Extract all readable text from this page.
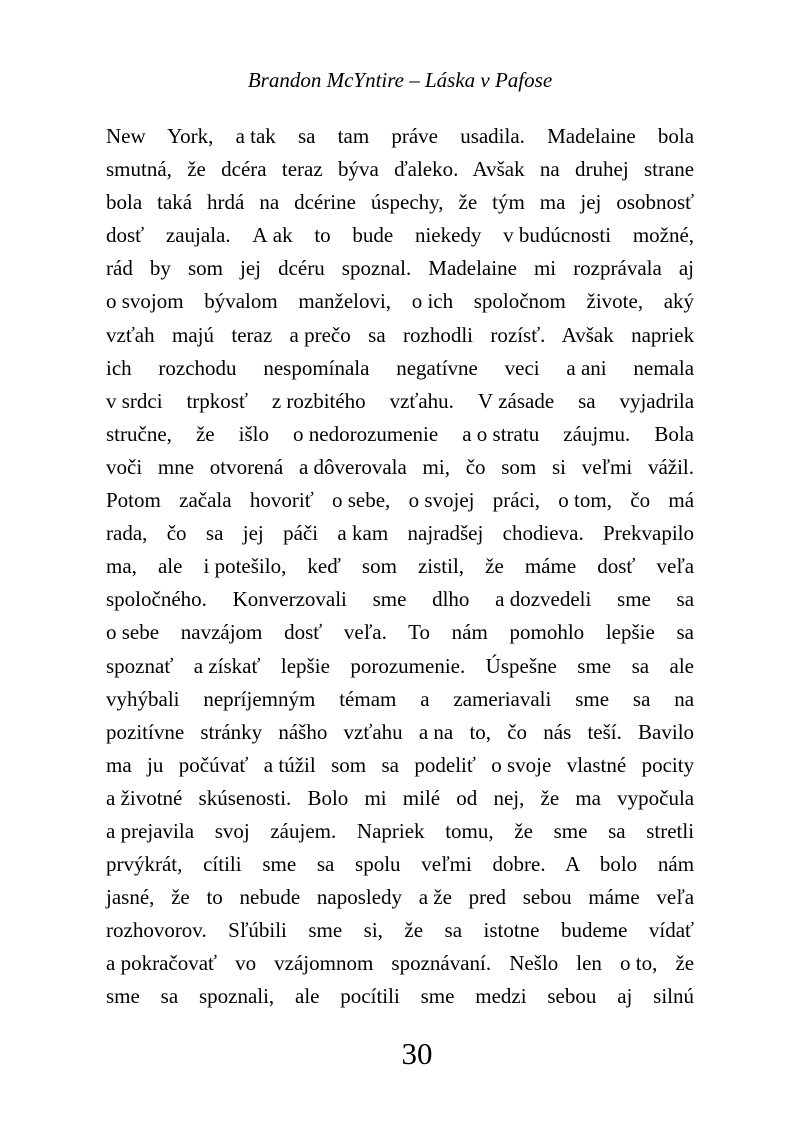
Brandon McYntire – Láska v Pafose
New York, a tak sa tam práve usadila. Madelaine bola
smutná, že dcéra teraz býva ďaleko. Avšak na druhej strane
bola taká hrdá na dcérine úspechy, že tým ma jej osobnosť
dosť zaujala. A ak to bude niekedy v budúcnosti možné,
rád by som jej dcéru spoznal. Madelaine mi rozprávala aj
o svojom bývalom manželovi, o ich spoločnom živote, aký
vzťah majú teraz a prečo sa rozhodli rozísť. Avšak napriek
ich rozchodu nespomínala negatívne veci a ani nemala
v srdci trpkosť z rozbitého vzťahu. V zásade sa vyjadrila
stručne, že išlo o nedorozumenie a o stratu záujmu. Bola
voči mne otvorená a dôverovala mi, čo som si veľmi vážil.
Potom začala hovoriť o sebe, o svojej práci, o tom, čo má
rada, čo sa jej páči a kam najradšej chodieva. Prekvapilo
ma, ale i potešilo, keď som zistil, že máme dosť veľa
spoločného. Konverzovali sme dlho a dozvedeli sme sa
o sebe navzájom dosť veľa. To nám pomohlo lepšie sa
spoznať a získať lepšie porozumenie. Úspešne sme sa ale
vyhýbali nepríjemným témam a zameriavali sme sa na
pozitívne stránky nášho vzťahu a na to, čo nás teší. Bavilo
ma ju počúvať a túžil som sa podeliť o svoje vlastné pocity
a životné skúsenosti. Bolo mi milé od nej, že ma vypočula
a prejavila svoj záujem. Napriek tomu, že sme sa stretli
prvýkrát, cítili sme sa spolu veľmi dobre. A bolo nám
jasné, že to nebude naposledy a že pred sebou máme veľa
rozhovorov. Sľúbili sme si, že sa istotne budeme vídať
a pokračovať vo vzájomnom spoznávaní. Nešlo len o to, že
sme sa spoznali, ale pocítili sme medzi sebou aj silnú
30
